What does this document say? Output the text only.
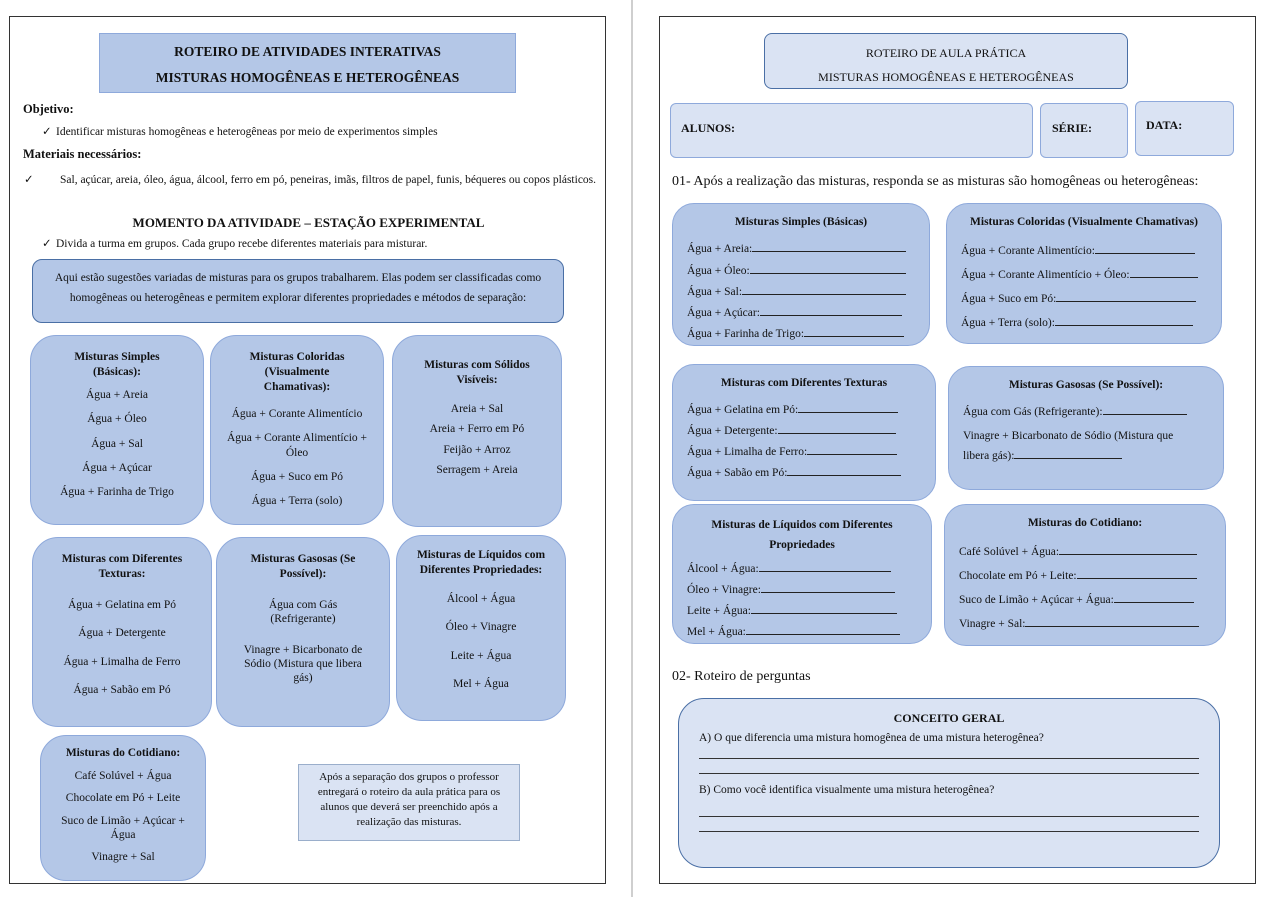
ROTEIRO DE ATIVIDADES INTERATIVAS
MISTURAS HOMOGÊNEAS E HETEROGÊNEAS
Objetivo:
✓ Identificar misturas homogêneas e heterogêneas por meio de experimentos simples
Materiais necessários:
✓ Sal, açúcar, areia, óleo, água, álcool, ferro em pó, peneiras, imãs, filtros de papel, funis, béqueres ou copos plásticos.
MOMENTO DA ATIVIDADE – ESTAÇÃO EXPERIMENTAL
✓ Divida a turma em grupos. Cada grupo recebe diferentes materiais para misturar.
Aqui estão sugestões variadas de misturas para os grupos trabalharem. Elas podem ser classificadas como homogêneas ou heterogêneas e permitem explorar diferentes propriedades e métodos de separação:
Misturas Simples (Básicas):
Água + Areia
Água + Óleo
Água + Sal
Água + Açúcar
Água + Farinha de Trigo
Misturas Coloridas (Visualmente Chamativas):
Água + Corante Alimentício
Água + Corante Alimentício + Óleo
Água + Suco em Pó
Água + Terra (solo)
Misturas com Sólidos Visíveis:
Areia + Sal
Areia + Ferro em Pó
Feijão + Arroz
Serragem + Areia
Misturas com Diferentes Texturas:
Água + Gelatina em Pó
Água + Detergente
Água + Limalha de Ferro
Água + Sabão em Pó
Misturas Gasosas (Se Possível):
Água com Gás (Refrigerante)
Vinagre + Bicarbonato de Sódio (Mistura que libera gás)
Misturas de Líquidos com Diferentes Propriedades:
Álcool + Água
Óleo + Vinagre
Leite + Água
Mel + Água
Misturas do Cotidiano:
Café Solúvel + Água
Chocolate em Pó + Leite
Suco de Limão + Açúcar + Água
Vinagre + Sal
Após a separação dos grupos o professor entregará o roteiro da aula prática para os alunos que deverá ser preenchido após a realização das misturas.
ROTEIRO DE AULA PRÁTICA
MISTURAS HOMOGÊNEAS E HETEROGÊNEAS
ALUNOS:	SÉRIE:	DATA:
01- Após a realização das misturas, responda se as misturas são homogêneas ou heterogêneas:
Misturas Simples (Básicas)
Água + Areia:
Água + Óleo:
Água + Sal:
Água + Açúcar:
Água + Farinha de Trigo:
Misturas Coloridas (Visualmente Chamativas)
Água + Corante Alimentício:
Água + Corante Alimentício + Óleo:
Água + Suco em Pó:
Água + Terra (solo):
Misturas com Diferentes Texturas
Água + Gelatina em Pó:
Água + Detergente:
Água + Limalha de Ferro:
Água + Sabão em Pó:
Misturas Gasosas (Se Possível):
Água com Gás (Refrigerante):
Vinagre + Bicarbonato de Sódio (Mistura que libera gás):
Misturas de Líquidos com Diferentes Propriedades
Álcool + Água:
Óleo + Vinagre:
Leite + Água:
Mel + Água:
Misturas do Cotidiano:
Café Solúvel + Água:
Chocolate em Pó + Leite:
Suco de Limão + Açúcar + Água:
Vinagre + Sal:
02- Roteiro de perguntas
CONCEITO GERAL
A) O que diferencia uma mistura homogênea de uma mistura heterogênea?
B) Como você identifica visualmente uma mistura heterogênea?
